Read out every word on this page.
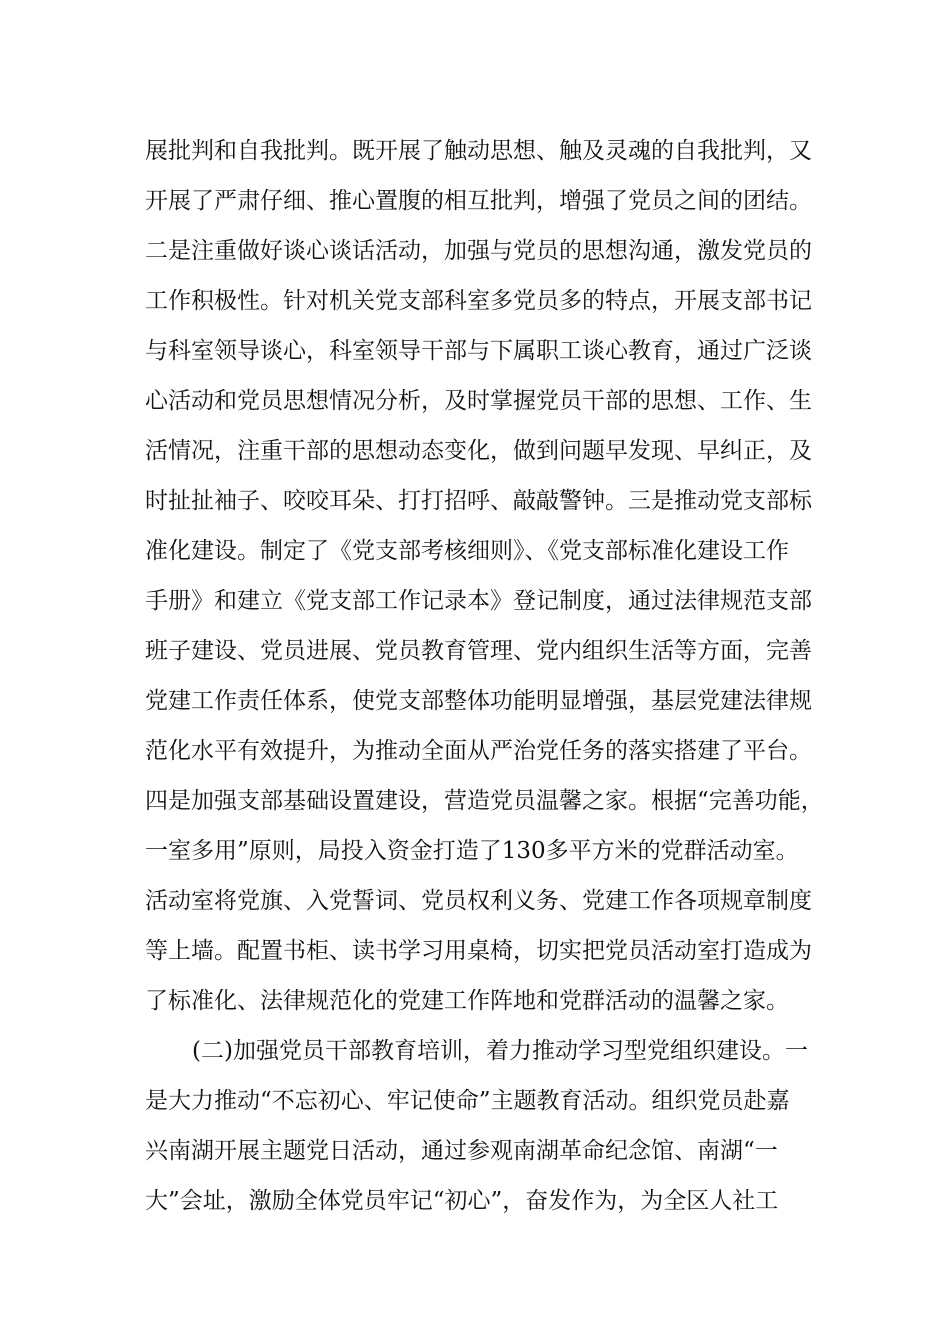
展批判和自我批判。既开展了触动思想、触及灵魂的自我批判，又
开展了严肃仔细、推心置腹的相互批判，增强了党员之间的团结。
二是注重做好谈心谈话活动，加强与党员的思想沟通，激发党员的
工作积极性。针对机关党支部科室多党员多的特点，开展支部书记
与科室领导谈心，科室领导干部与下属职工谈心教育，通过广泛谈
心活动和党员思想情况分析，及时掌握党员干部的思想、工作、生
活情况，注重干部的思想动态变化，做到问题早发现、早纠正，及
时扯扯袖子、咬咬耳朵、打打招呼、敲敲警钟。三是推动党支部标
准化建设。制定了《党支部考核细则》、《党支部标准化建设工作
手册》和建立《党支部工作记录本》登记制度，通过法律规范支部
班子建设、党员进展、党员教育管理、党内组织生活等方面，完善
党建工作责任体系，使党支部整体功能明显增强，基层党建法律规
范化水平有效提升，为推动全面从严治党任务的落实搭建了平台。
四是加强支部基础设置建设，营造党员温馨之家。根据“完善功能，
一室多用”原则，局投入资金打造了130多平方米的党群活动室。
活动室将党旗、入党誓词、党员权利义务、党建工作各项规章制度
等上墙。配置书柜、读书学习用桌椅，切实把党员活动室打造成为
了标准化、法律规范化的党建工作阵地和党群活动的温馨之家。
(二)加强党员干部教育培训，着力推动学习型党组织建设。一
是大力推动“不忘初心、牢记使命”主题教育活动。组织党员赴嘉
兴南湖开展主题党日活动，通过参观南湖革命纪念馆、南湖“一
大”会址，激励全体党员牢记“初心”，奋发作为，为全区人社工
